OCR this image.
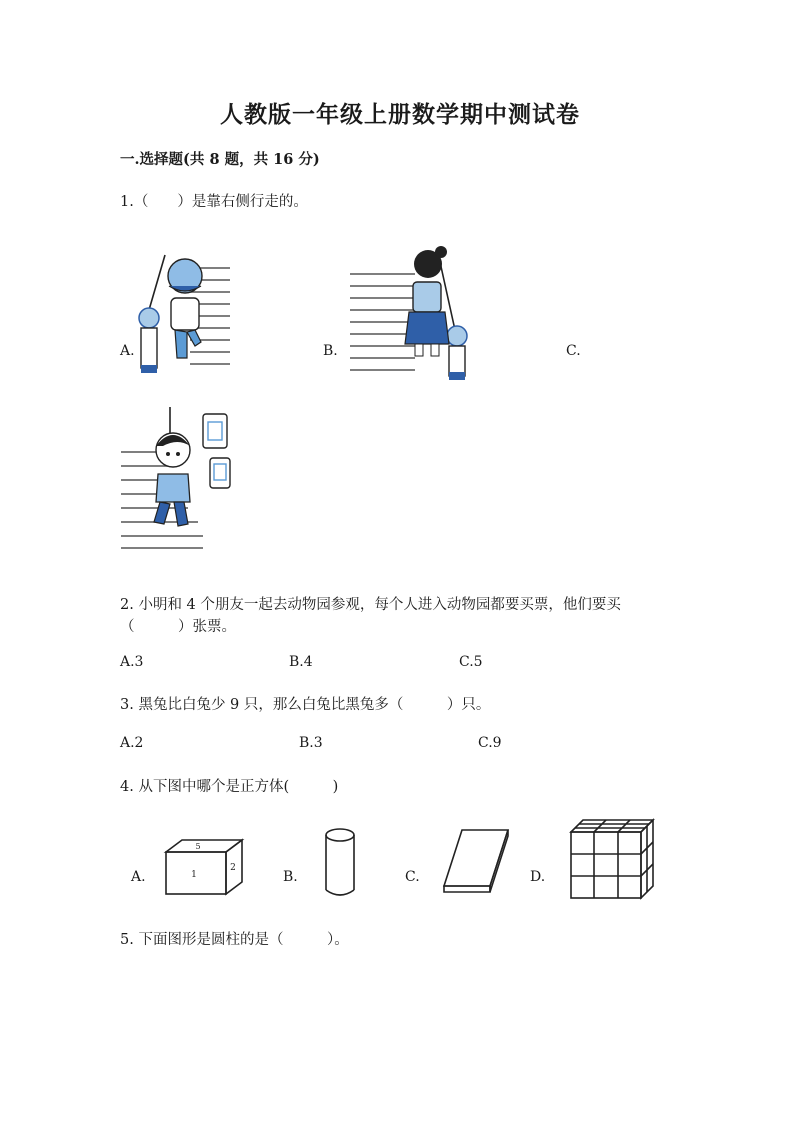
人教版一年级上册数学期中测试卷
一.选择题(共 8 题，共 16 分)
1.（　　）是靠右侧行走的。
A.	B.	C.
2. 小明和 4 个朋友一起去动物园参观，每个人进入动物园都要买票，他们要买
（　　　）张票。
A.3	B.4	C.5
3. 黑兔比白兔少 9 只，那么白兔比黑兔多（　　　）只。
A.2	B.3	C.9
4. 从下图中哪个是正方体(　　　)
A.
5
1
2
B.	C.	D.
5. 下面图形是圆柱的是（　　　）。
